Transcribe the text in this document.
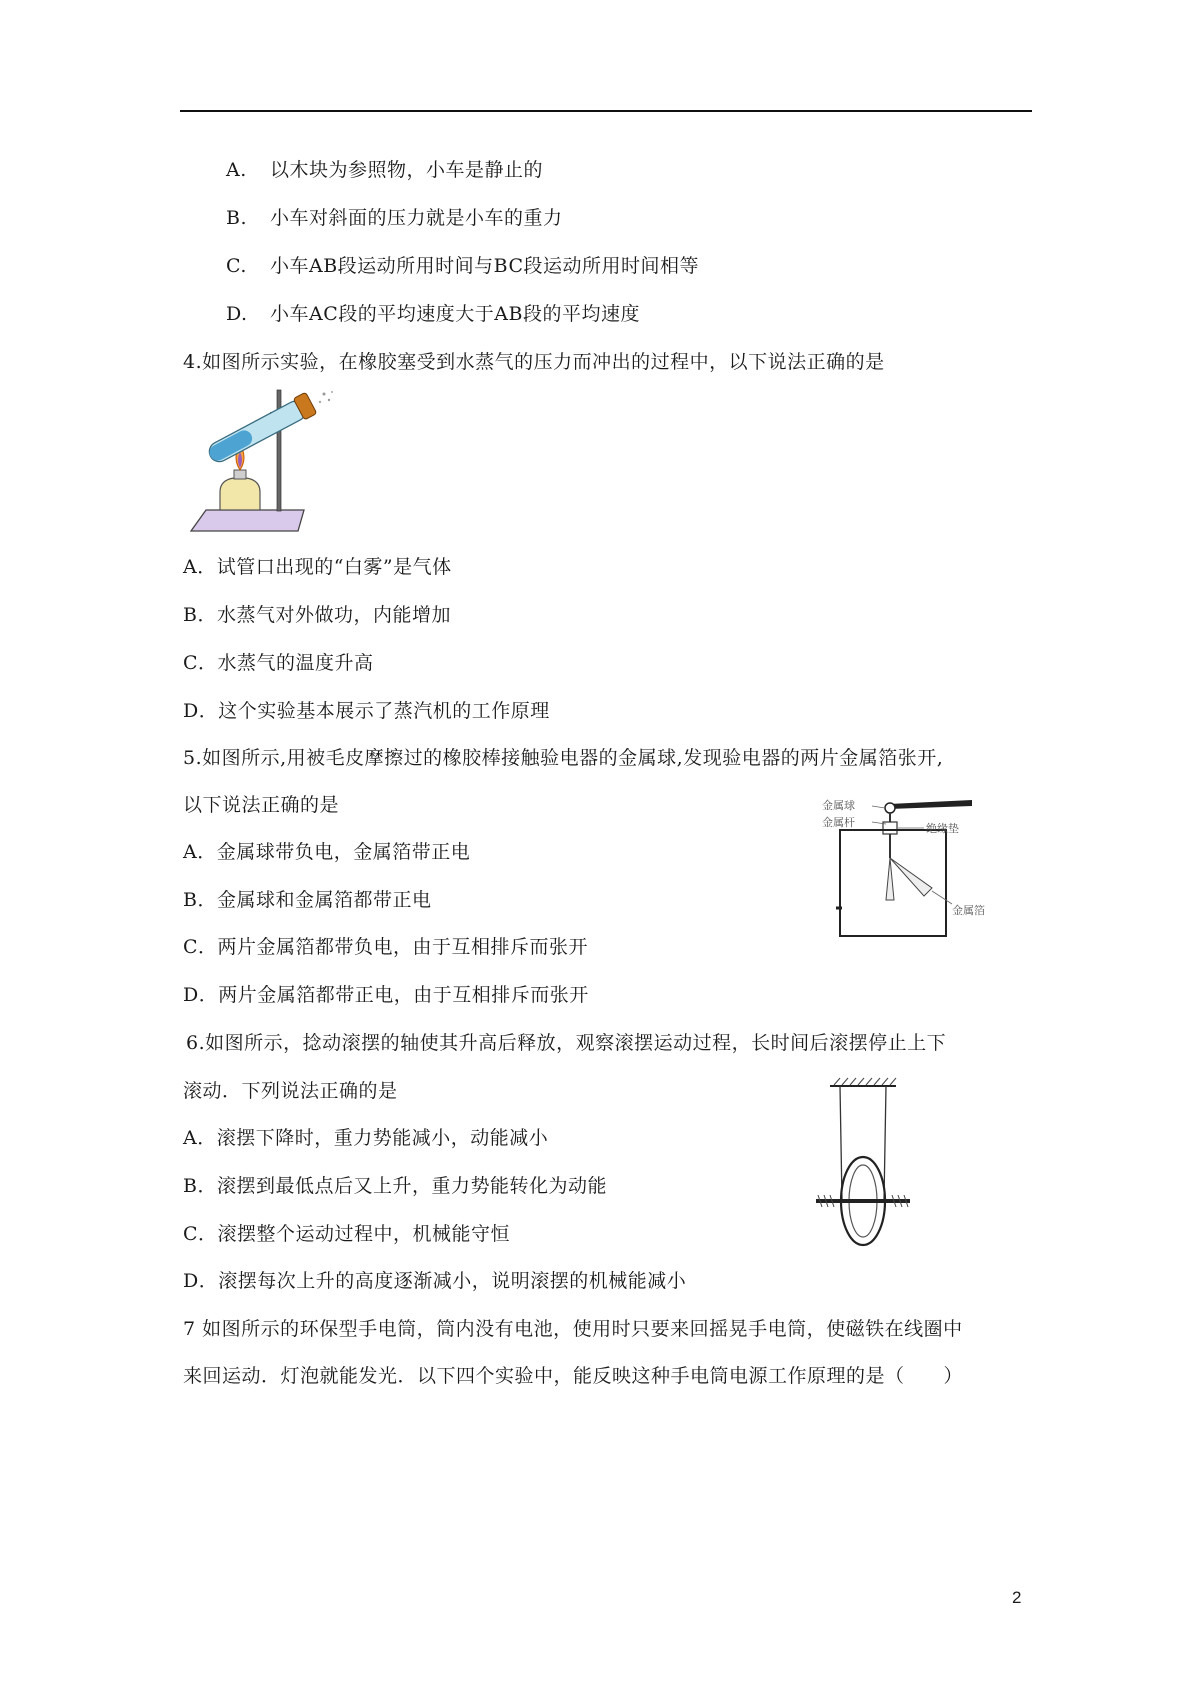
A. 以木块为参照物，小车是静止的
B. 小车对斜面的压力就是小车的重力
C. 小车AB段运动所用时间与BC段运动所用时间相等
D. 小车AC段的平均速度大于AB段的平均速度
4.如图所示实验，在橡胶塞受到水蒸气的压力而冲出的过程中，以下说法正确的是
A．试管口出现的“白雾”是气体
B．水蒸气对外做功，内能增加
C．水蒸气的温度升高
D．这个实验基本展示了蒸汽机的工作原理
5.如图所示,用被毛皮摩擦过的橡胶棒接触验电器的金属球,发现验电器的两片金属箔张开,
以下说法正确的是	金属球
金属杆	绝缘垫
金属箔
A．金属球带负电，金属箔带正电
B．金属球和金属箔都带正电
C．两片金属箔都带负电，由于互相排斥而张开
D．两片金属箔都带正电，由于互相排斥而张开
6.如图所示，捻动滚摆的轴使其升高后释放，观察滚摆运动过程，长时间后滚摆停止上下
滚动．下列说法正确的是
A．滚摆下降时，重力势能减小，动能减小
B．滚摆到最低点后又上升，重力势能转化为动能
C．滚摆整个运动过程中，机械能守恒
D．滚摆每次上升的高度逐渐减小，说明滚摆的机械能减小
7 如图所示的环保型手电筒，筒内没有电池，使用时只要来回摇晃手电筒，使磁铁在线圈中
来回运动．灯泡就能发光．以下四个实验中，能反映这种手电筒电源工作原理的是（　　）
2
